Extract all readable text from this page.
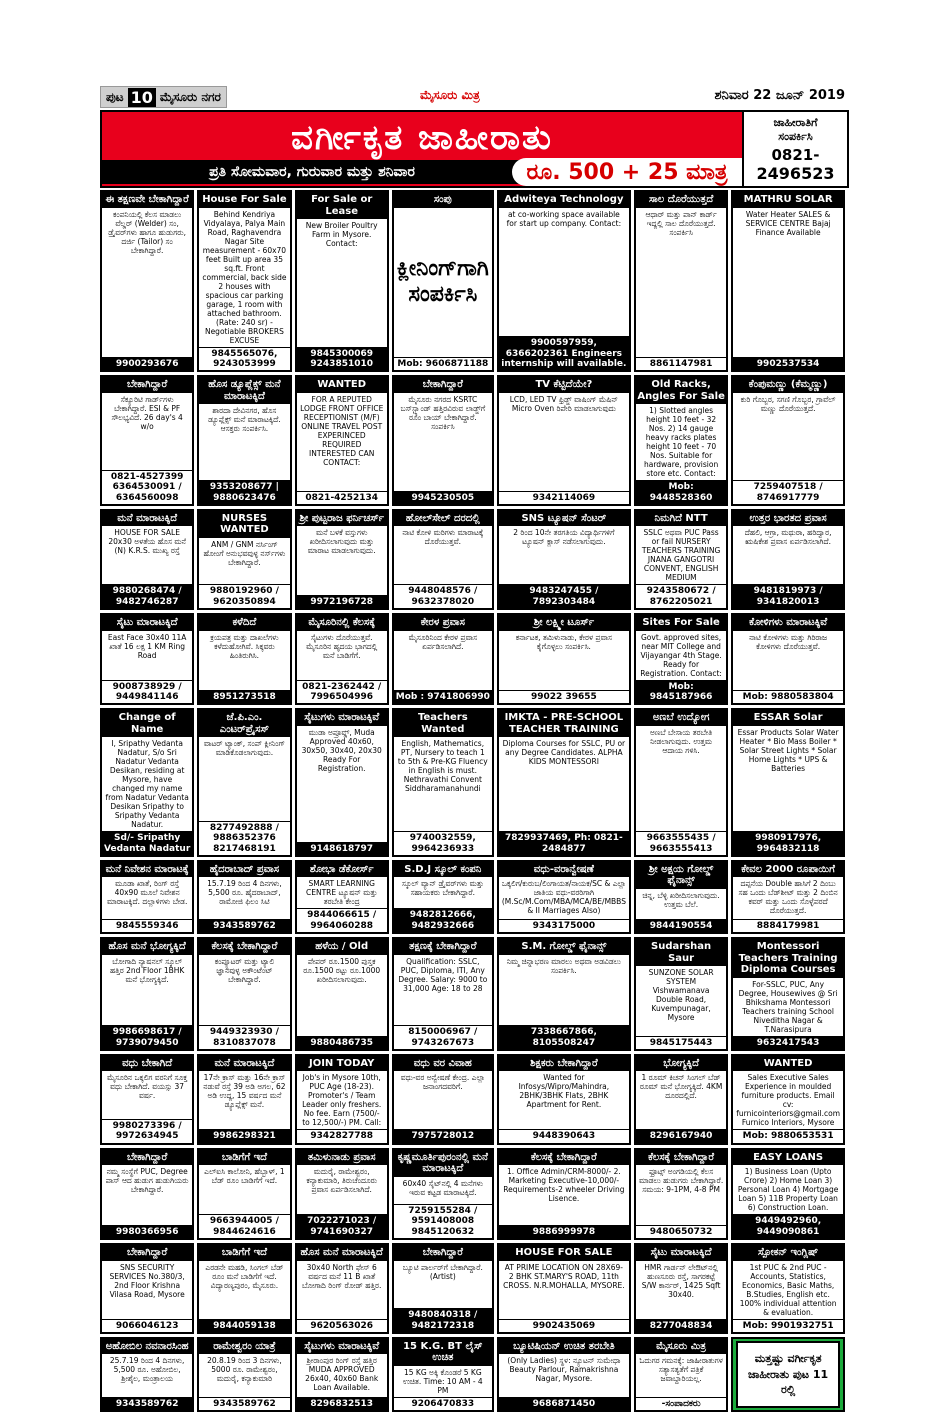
ಪುಟ 10 ಮೈಸೂರು ನಗರ	ಮೈಸೂರು ಮಿತ್ರ	ಶನಿವಾರ 22 ಜೂನ್ 2019
ವರ್ಗೀಕೃತ ಜಾಹೀರಾತು
ಪ್ರತಿ ಸೋಮವಾರ, ಗುರುವಾರ ಮತ್ತು ಶನಿವಾರ	ರೂ. 500 + 25 ಮಾತ್ರ
ಜಾಹೀರಾತಿಗೆ
ಸಂಪರ್ಕಿಸಿ
0821-
2496523
ಈ ತಕ್ಷಣವೇ ಬೇಕಾಗಿದ್ದಾರೆ
ಕಂಪನಿಯಲ್ಲಿ ಕೆಲಸ ಮಾಡಲು ವೆಲ್ಡರ್ (Welder) ಸಂ, ಡ್ರೈವರ್‌ಗಳು ಹಾಗೂ ಹುಡುಗರು, ದರ್ಜಿ (Tailor) ಸಂ ಬೇಕಾಗಿದ್ದಾರೆ.
9900293676
House For Sale
Behind Kendriya Vidyalaya, Palya Main Road, Raghavendra Nagar Site measurement - 60x70 feet Built up area 35 sq.ft. Front commercial, back side 2 houses with spacious car parking garage, 1 room with attached bathroom. (Rate: 240 sr) - Negotiable BROKERS EXCUSE
9845565076, 9243053999
For Sale or Lease
New Broiler Poultry Farm in Mysore. Contact:
9845300069 9243851010
ಸಂಪು
ಕ್ಲೀನಿಂಗ್‌ಗಾಗಿ ಸಂಪರ್ಕಿಸಿ
Mob: 9606871188
Adwiteya Technology
at co-working space available for start up company. Contact:
9900597959, 6366202361 Engineers internship will available.
ಸಾಲ ದೊರೆಯುತ್ತದೆ
ಆಧಾರ್ ಮತ್ತು ಪಾನ್ ಕಾರ್ಡ್ ಇದ್ದಲ್ಲಿ ಸಾಲ ದೊರೆಯುತ್ತದೆ. ಸಂಪರ್ಕಿಸಿ
8861147981
MATHRU SOLAR
Water Heater SALES & SERVICE CENTRE Bajaj Finance Available
9902537534
ಬೇಕಾಗಿದ್ದಾರೆ
ಸೆಕ್ಯೂರಿಟಿ ಗಾರ್ಡ್‌ಗಳು ಬೇಕಾಗಿದ್ದಾರೆ. ESI & PF ಸೌಲಭ್ಯವಿದೆ. 26 day's 4 w/o
0821-4527399 6364530091 / 6364560098
ಹೊಸ ಡ್ಯೂಪ್ಲೆಕ್ಸ್ ಮನೆ ಮಾರಾಟಕ್ಕಿದೆ
ಶಾರದಾ ದೇವಿನಗರ, ಹೊಸ ಡ್ಯೂಪ್ಲೆಕ್ಸ್ ಮನೆ ಮಾರಾಟಕ್ಕಿದೆ. ಆಸಕ್ತರು ಸಂಪರ್ಕಿಸಿ.
9353208677 | 9880623476
WANTED
FOR A REPUTED LODGE FRONT OFFICE RECEPTIONIST (M/F) ONLINE TRAVEL POST EXPERINCED REQUIRED INTERESTED CAN CONTACT:
0821-4252134
ಬೇಕಾಗಿದ್ದಾರೆ
ಮೈಸೂರು ನಗರದ KSRTC ಬಸ್‌ಸ್ಟ್ಯಾಂಡ್ ಹತ್ತಿರವಿರುವ ಲಾಡ್ಜ್‌ಗೆ ರೂಂ ಬಾಯ್ ಬೇಕಾಗಿದ್ದಾರೆ. ಸಂಪರ್ಕಿಸಿ
9945230505
TV ಕೆಟ್ಟಿದೆಯೇ?
LCD, LED TV ಫ್ರಿಡ್ಜ್ ವಾಷಿಂಗ್ ಮೆಷಿನ್ Micro Oven ರಿಪೇರಿ ಮಾಡಲಾಗುವುದು
9342114069
Old Racks, Angles For Sale
1) Slotted angles height 10 feet - 32 Nos. 2) 14 gauge heavy racks plates height 10 feet - 70 Nos. Suitable for hardware, provision store etc. Contact:
Mob: 9448528360
ಕೆಂಪುಮಣ್ಣು (ಕೆಮ್ಮಣ್ಣು)
ಕುರಿ ಗೊಬ್ಬರ, ಸಗಣಿ ಗೊಬ್ಬರ, ಗ್ರಾವೆಲ್ ಮಣ್ಣು ದೊರೆಯುತ್ತದೆ.
7259407518 / 8746917779
ಮನೆ ಮಾರಾಟಕ್ಕಿದೆ
HOUSE FOR SALE 20x30 ಅಳತೆಯ ಹೊಸ ಮನೆ (N) K.R.S. ಮುಖ್ಯ ರಸ್ತೆ
9880268474 / 9482746287
NURSES WANTED
ANM / GNM ನರ್ಸಿಂಗ್ ಹೋಂಗೆ ಅನುಭವವುಳ್ಳ ನರ್ಸ್‌ಗಳು ಬೇಕಾಗಿದ್ದಾರೆ.
9880192960 / 9620350894
ಶ್ರೀ ಪುಟ್ಟರಾಜ ಫರ್ನಿಚರ್ಸ್
ಮನೆ ಬಳಕೆ ವಸ್ತುಗಳು ಖರೀದಿಸಲಾಗುವುದು ಮತ್ತು ಮಾರಾಟ ಮಾಡಲಾಗುವುದು.
9972196728
ಹೋಲ್‌ಸೇಲ್ ದರದಲ್ಲಿ
ನಾಟಿ ಕೋಳಿ ಮರಿಗಳು ಮಾರಾಟಕ್ಕೆ ದೊರೆಯುತ್ತವೆ.
9448048576 / 9632378020
SNS ಟ್ಯೂಷನ್ ಸೆಂಟರ್
2 ರಿಂದ 10ನೇ ತರಗತಿಯ ವಿದ್ಯಾರ್ಥಿಗಳಿಗೆ ಟ್ಯೂಷನ್ ಕ್ಲಾಸ್ ನಡೆಸಲಾಗುವುದು.
9483247455 / 7892303484
ನಿಮಗಿದೆ NTT
SSLC ಅಥವಾ PUC Pass or fail NURSERY TEACHERS TRAINING JNANA GANGOTRI CONVENT, ENGLISH MEDIUM
9243580672 / 8762205021
ಉತ್ತರ ಭಾರತದ ಪ್ರವಾಸ
ದೆಹಲಿ, ಆಗ್ರಾ, ಮಥುರಾ, ಹರಿದ್ವಾರ, ಋಷಿಕೇಶ ಪ್ರವಾಸ ಏರ್ಪಡಿಸಲಾಗಿದೆ.
9481819973 / 9341820013
ಸೈಟು ಮಾರಾಟಕ್ಕಿದೆ
East Face 30x40 11A ಖಾತೆ 16 ಲಕ್ಷ 1 KM Ring Road
9008738929 / 9449841146
ಕಳೆದಿದೆ
ಕ್ರಯಪತ್ರ ಮತ್ತು ದಾಖಲೆಗಳು ಕಳೆದುಹೋಗಿವೆ. ಸಿಕ್ಕವರು ಹಿಂತಿರುಗಿಸಿ.
8951273518
ಮೈಸೂರಿನಲ್ಲಿ ಕೆಲಸಕ್ಕೆ
ಸೈಟುಗಳು ದೊರೆಯುತ್ತವೆ. ಮೈಸೂರಿನ ಹೃದಯ ಭಾಗದಲ್ಲಿ ಮನೆ ಬಾಡಿಗೆಗೆ.
0821-2362442 / 7996504996
ಕೇರಳ ಪ್ರವಾಸ
ಮೈಸೂರಿನಿಂದ ಕೇರಳ ಪ್ರವಾಸ ಏರ್ಪಡಿಸಲಾಗಿದೆ.
Mob : 9741806990
ಶ್ರೀ ಲಕ್ಷ್ಮೀ ಟೂರ್ಸ್
ಕರ್ನಾಟಕ, ತಮಿಳುನಾಡು, ಕೇರಳ ಪ್ರವಾಸ ಕೈಗೊಳ್ಳಲು ಸಂಪರ್ಕಿಸಿ.
99022 39655
Sites For Sale
Govt. approved sites, near MIT College and Vijayangar 4th Stage. Ready for Registration. Contact:
Mob: 9845187966
ಕೋಳಿಗಳು ಮಾರಾಟಕ್ಕಿವೆ
ನಾಟಿ ಕೋಳಿಗಳು ಮತ್ತು ಗಿರಿರಾಜ ಕೋಳಿಗಳು ದೊರೆಯುತ್ತವೆ.
Mob: 9880583804
Change of Name
I, Sripathy Vedanta Nadatur, S/o Sri Nadatur Vedanta Desikan, residing at Mysore, have changed my name from Nadatur Vedanta Desikan Sripathy to Sripathy Vedanta Nadatur.
Sd/- Sripathy Vedanta Nadatur
ಜೆ.ಪಿ.ಎಂ. ಎಂಟರ್‌ಪ್ರೈಸಸ್
ವಾಟರ್ ಟ್ಯಾಂಕ್, ಸಂಪ್ ಕ್ಲೀನಿಂಗ್ ಮಾಡಿಕೊಡಲಾಗುವುದು.
8277492888 / 9886352376 8217468191
ಸೈಟುಗಳು ಮಾರಾಟಕ್ಕಿವೆ
ಮುಡಾ ಅಪ್ರೂವ್ಡ್, Muda Approved 40x60, 30x50, 30x40, 20x30 Ready For Registration.
9148618797
Teachers Wanted
English, Mathematics, PT, Nursery to teach 1 to 5th & Pre-KG Fluency in English is must. Nethravathi Convent Siddharamanahundi
9740032559, 9964236933
IMKTA - PRE-SCHOOL TEACHER TRAINING
Diploma Courses for SSLC, PU or any Degree Candidates. ALPHA KIDS MONTESSORI
7829937469, Ph: 0821-2484877
ಅಣಬೆ ಉದ್ಯೋಗ
ಅಣಬೆ ಬೇಸಾಯ ತರಬೇತಿ ನೀಡಲಾಗುವುದು. ಉತ್ತಮ ಆದಾಯ ಗಳಿಸಿ.
9663555435 / 9663555413
ESSAR Solar
Essar Products Solar Water Heater * Bio Mass Boiler * Solar Street Lights * Solar Home Lights * UPS & Batteries
9980917976, 9964832118
ಮನೆ ನಿವೇಶನ ಮಾರಾಟಕ್ಕೆ
ಮೂಡಾ ಖಾತೆ, ರಿಂಗ್ ರಸ್ತೆ 40x90 ಮೂಲೆ ನಿವೇಶನ ಮಾರಾಟಕ್ಕಿದೆ. ದಲ್ಲಾಳಿಗಳು ಬೇಡ.
9845559346
ಹೈದರಾಬಾದ್ ಪ್ರವಾಸ
15.7.19 ರಿಂದ 4 ದಿನಗಳು, 5,500 ರೂ. ಹೈದರಾಬಾದ್, ರಾಮೋಜಿ ಫಿಲಂ ಸಿಟಿ
9343589762
ಶೋಭಾ ಡೆಕೋರ್ಸ್
SMART LEARNING CENTRE ಟ್ಯೂಷನ್ ಮತ್ತು ತರಬೇತಿ ಕೇಂದ್ರ
9844066615 / 9964060288
S.D.J ಸ್ಕೂಲ್ ಕಂಪನಿ
ಸ್ಕೂಲ್ ವ್ಯಾನ್ ಡ್ರೈವರ್‌ಗಳು ಮತ್ತು ಸಹಾಯಕರು ಬೇಕಾಗಿದ್ದಾರೆ.
9482812666, 9482932666
ವಧು-ವರಾನ್ವೇಷಣೆ
ಒಕ್ಕಲಿಗ/ಕುರುಬ/ಲಿಂಗಾಯತ/ನಾಯಕ/SC & ಎಲ್ಲಾ ಜಾತಿಯ ವಧು-ವರರಿಗಾಗಿ (M.Sc/M.Com/MBA/MCA/BE/MBBS & II Marriages Also)
9343175000
ಶ್ರೀ ಅಕ್ಷಯ ಗೋಲ್ಡ್ ಫೈನಾನ್ಸ್
ಚಿನ್ನ, ಬೆಳ್ಳಿ ಖರೀದಿಸಲಾಗುವುದು. ಉತ್ತಮ ಬೆಲೆ.
9844190554
ಕೇವಲ 2000 ರೂಪಾಯಿಗೆ
ದಪ್ಪನೆಯ Double ಹಾಸಿಗೆ 2 ದಿಂಬು ಸಹ ಒಂದು ಬೆಡ್‌ಶೀಟ್ ಮತ್ತು 2 ದಿಂಬಿನ ಕವರ್ ಮತ್ತು ಒಂದು ಸೊಳ್ಳೆಪರದೆ ದೊರೆಯುತ್ತದೆ.
8884179981
ಹೊಸ ಮನೆ ಭೋಗ್ಯಕ್ಕಿದೆ
ಬೋಗಾದಿ ನ್ಯಾಷನಲ್ ಸ್ಕೂಲ್ ಹತ್ತಿರ 2nd Floor 1BHK ಮನೆ ಭೋಗ್ಯಕ್ಕಿದೆ.
9986698617 / 9739079450
ಕೆಲಸಕ್ಕೆ ಬೇಕಾಗಿದ್ದಾರೆ
ಕಂಪ್ಯೂಟರ್ ಮತ್ತು ಟ್ಯಾಲಿ ಜ್ಞಾನವುಳ್ಳ ಅಕೌಂಟೆಂಟ್ ಬೇಕಾಗಿದ್ದಾರೆ.
9449323930 / 8310837078
ಹಳೆಯ / Old
ಪೇಪರ್ ರೂ.1500 ಪುಸ್ತಕ ರೂ.1500 ರಟ್ಟು ರೂ.1000 ಖರೀದಿಸಲಾಗುವುದು.
9880486735
ತಕ್ಷಣಕ್ಕೆ ಬೇಕಾಗಿದ್ದಾರೆ
Qualification: SSLC, PUC, Diploma, ITI, Any Degree. Salary: 9000 to 31,000 Age: 18 to 28
8150006967 / 9743267673
S.M. ಗೋಲ್ಡ್ ಫೈನಾನ್ಸ್
ನಿಮ್ಮ ಚಿನ್ನಾಭರಣ ಮಾರಲು ಅಥವಾ ಅಡವಿಡಲು ಸಂಪರ್ಕಿಸಿ.
7338667866, 8105508247
Sudarshan Saur
SUNZONE SOLAR SYSTEM Vishwamanava Double Road, Kuvempunagar, Mysore
9845175443
Montessori Teachers Training Diploma Courses
For-SSLC, PUC, Any Degree, Housewives @ Sri Bhikshama Montessori Teachers training School Niveditha Nagar & T.Narasipura
9632417543
ವಧು ಬೇಕಾಗಿದೆ
ಮೈಸೂರಿನ ಒಕ್ಕಲಿಗ ವರನಿಗೆ ಸೂಕ್ತ ವಧು ಬೇಕಾಗಿದೆ. ವಯಸ್ಸು 37 ವರ್ಷ.
9980273396 / 9972634945
ಮನೆ ಮಾರಾಟಕ್ಕಿದೆ
17ನೇ ಕ್ರಾಸ್ ಮತ್ತು 16ನೇ ಕ್ರಾಸ್ ನಡುವೆ ರಸ್ತೆ 39 ಅಡಿ ಅಗಲ, 62 ಅಡಿ ಉದ್ದ, 15 ವರ್ಷದ ಮನೆ ಡ್ಯೂಪ್ಲೆಕ್ಸ್ ಮನೆ.
9986298321
JOIN TODAY
Job's in Mysore 10th, PUC Age (18-23). Promoter's / Team Leader only freshers. No fee. Earn (7500/- to 12,500/-) PM. Call:
9342827788
ವಧು ವರ ವಿವಾಹ
ವಧು-ವರ ಅನ್ವೇಷಣೆ ಕೇಂದ್ರ. ಎಲ್ಲಾ ಜನಾಂಗದವರಿಗೆ.
7975728012
ಶಿಕ್ಷಕರು ಬೇಕಾಗಿದ್ದಾರೆ
Wanted for Infosys/Wipro/Mahindra, 2BHK/3BHK Flats, 2BHK Apartment for Rent.
9448390643
ಭೋಗ್ಯಕ್ಕಿದೆ
1 ರೂಮ್ ಕಿಚನ್ ಸಿಂಗಲ್ ಬೆಡ್ ರೂಮ್ ಮನೆ ಭೋಗ್ಯಕ್ಕಿದೆ. 4KM ದೂರದಲ್ಲಿದೆ.
8296167940
WANTED
Sales Executive Sales Experience in moulded furniture products. Email cv: furnicointeriors@gmail.com Furnico Interiors, Mysore
Mob: 9880653531
ಬೇಕಾಗಿದ್ದಾರೆ
ನಮ್ಮ ಸಂಸ್ಥೆಗೆ PUC, Degree ಪಾಸ್ ಆದ ಹುಡುಗ ಹುಡುಗಿಯರು ಬೇಕಾಗಿದ್ದಾರೆ.
9980366956
ಬಾಡಿಗೆಗೆ ಇದೆ
ಎಲ್‌ಐಸಿ ಕಾಲೋನಿ, ಹೆಬ್ಬಾಳ್, 1 ಬೆಡ್ ರೂಂ ಬಾಡಿಗೆಗೆ ಇದೆ.
9663944005 / 9844624616
ತಮಿಳುನಾಡು ಪ್ರವಾಸ
ಮದುರೈ, ರಾಮೇಶ್ವರಂ, ಕನ್ಯಾಕುಮಾರಿ, ತಿರುಚೆಂದೂರು ಪ್ರವಾಸ ಏರ್ಪಡಿಸಲಾಗಿದೆ.
7022271023 / 9741690327
ಕೃಷ್ಣಮೂರ್ತಿಪುರಂನಲ್ಲಿ ಮನೆ ಮಾರಾಟಕ್ಕಿದೆ
60x40 ಸೈಟ್‌ನಲ್ಲಿ 4 ಮನೆಗಳು ಇರುವ ಕಟ್ಟಡ ಮಾರಾಟಕ್ಕಿದೆ.
7259155284 / 9591408008 9845120632
ಕೆಲಸಕ್ಕೆ ಬೇಕಾಗಿದ್ದಾರೆ
1. Office Admin/CRM-8000/- 2. Marketing Executive-10,000/- Requirements-2 wheeler Driving Lisence.
9886999978
ಕೆಲಸಕ್ಕೆ ಬೇಕಾಗಿದ್ದಾರೆ
ಫ್ರೂಟ್ಸ್ ಅಂಗಡಿಯಲ್ಲಿ ಕೆಲಸ ಮಾಡಲು ಹುಡುಗರು ಬೇಕಾಗಿದ್ದಾರೆ. ಸಮಯ: 9-1PM, 4-8 PM
9480650732
EASY LOANS
1) Business Loan (Upto Crore) 2) Home Loan 3) Personal Loan 4) Mortgage Loan 5) 11B Property Loan 6) Construction Loan.
9449492960, 9449090861
ಬೇಕಾಗಿದ್ದಾರೆ
SNS SECURITY SERVICES No.380/3, 2nd Floor Krishna Vilasa Road, Mysore
9066046123
ಬಾಡಿಗೆಗೆ ಇದೆ
ಎರಡನೇ ಮಹಡಿ, ಸಿಂಗಲ್ ಬೆಡ್ ರೂಂ ಮನೆ ಬಾಡಿಗೆಗೆ ಇದೆ. ವಿದ್ಯಾರಣ್ಯಪುರಂ, ಮೈಸೂರು.
9844059138
ಹೊಸ ಮನೆ ಮಾರಾಟಕ್ಕಿದೆ
30x40 North ಫೇಸ್ 6 ವರ್ಷದ ಮನೆ 11 B ಖಾತೆ ಬೋಗಾದಿ ರಿಂಗ್ ರೋಡ್ ಹತ್ತಿರ.
9620563026
ಬೇಕಾಗಿದ್ದಾರೆ
ಬ್ಯೂಟಿ ಪಾರ್ಲರ್‌ಗೆ ಬೇಕಾಗಿದ್ದಾರೆ. (Artist)
9480840318 / 9482172318
HOUSE FOR SALE
AT PRIME LOCATION ON 28X69- 2 BHK ST.MARY'S ROAD, 11th CROSS. N.R.MOHALLA, MYSORE.
9902435069
ಸೈಟು ಮಾರಾಟಕ್ಕಿದೆ
HMR ಗಾರ್ಡನ್ ಲೇಔಟ್‌ನಲ್ಲಿ ಹುಣಸೂರು ರಸ್ತೆ, ಸಾಗರಕಟ್ಟೆ S/W ಕಾರ್ನರ್, 1425 Sqft 30x40.
8277048834
ಸ್ಪೋಕನ್ ಇಂಗ್ಲಿಷ್
1st PUC & 2nd PUC - Accounts, Statistics, Economics, Basic Maths, B.Studies, English etc. 100% individual attention & evaluation.
Mob: 9901932751
ಅಹೋಬಿಲ ನವನಾರಸಿಂಹ
25.7.19 ರಿಂದ 4 ದಿನಗಳು, 5,500 ರೂ. ಅಹೋಬಿಲ, ಶ್ರೀಶೈಲ, ಮಂತ್ರಾಲಯ
9343589762
ರಾಮೇಶ್ವರಂ ಯಾತ್ರೆ
20.8.19 ರಿಂದ 3 ದಿನಗಳು, 5000 ರೂ. ರಾಮೇಶ್ವರಂ, ಮದುರೈ, ಕನ್ಯಾಕುಮಾರಿ
9343589762
ಸೈಟುಗಳು ಮಾರಾಟಕ್ಕಿವೆ
ಶ್ರೀರಾಂಪುರ ರಿಂಗ್ ರಸ್ತೆ ಹತ್ತಿರ MUDA APPROVED 26x40, 40x60 Bank Loan Available.
8296832513
15 K.G. BT ಲೈಸ್ ಉಚಿತ
15 KG ಅಕ್ಕಿ ಕೊಂಡರೆ 5 KG ಉಚಿತ. Time: 10 AM - 4 PM
9206470833
ಬ್ಯೂಟಿಷಿಯನ್ ಉಚಿತ ತರಬೇತಿ
(Only Ladies) ಸ್ಥಳ: ನ್ಯೂಟನ್ ಸುಮೇಧಾ Beauty Parlour, Ramakrishna Nagar, Mysore.
9686871450
ಮೈಸೂರು ಮಿತ್ರ
ಓದುಗರ ಗಮನಕ್ಕೆ: ಜಾಹೀರಾತುಗಳ ಸತ್ಯಾಸತ್ಯತೆಗೆ ಪತ್ರಿಕೆ ಜವಾಬ್ದಾರಿಯಲ್ಲ.
-ಸಂಪಾದಕರು
ಮತ್ತಷ್ಟು ವರ್ಗೀಕೃತ ಜಾಹೀರಾತು ಪುಟ 11 ರಲ್ಲಿ
